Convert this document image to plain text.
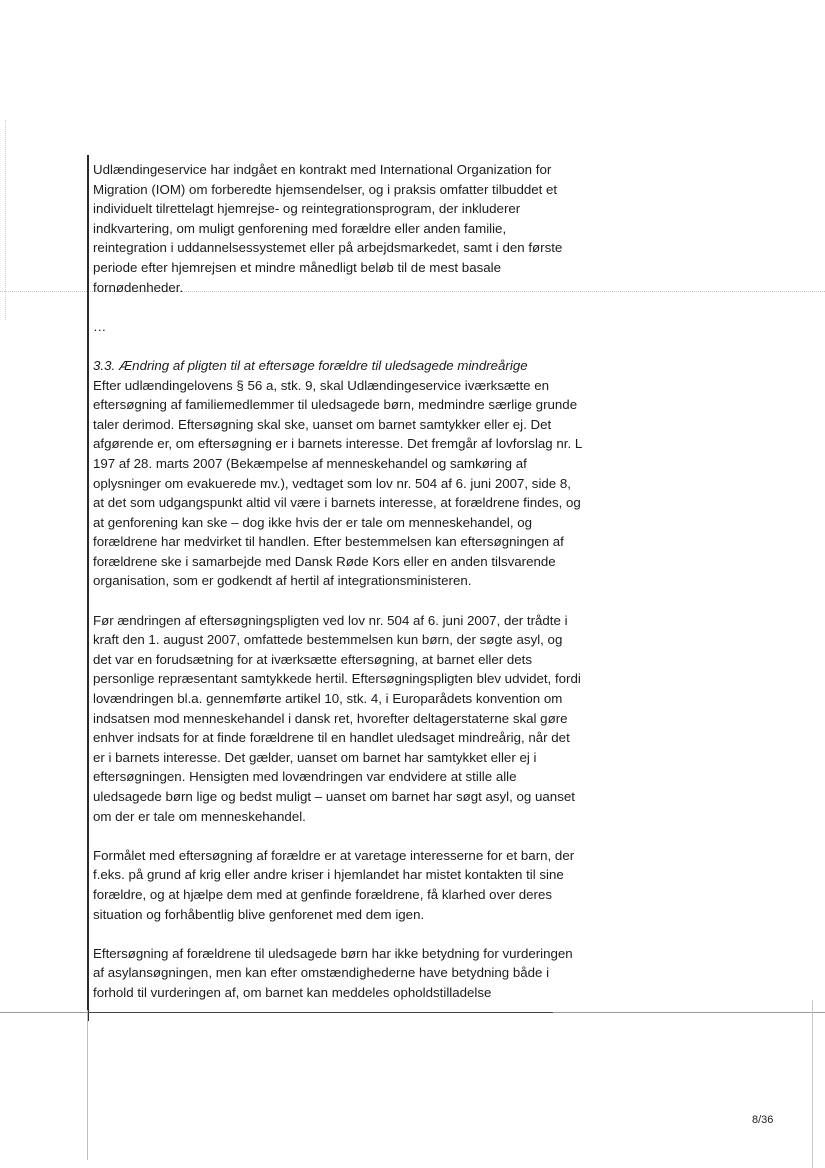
Udlændingeservice har indgået en kontrakt med International Organization for Migration (IOM) om forberedte hjemsendelser, og i praksis omfatter tilbuddet et individuelt tilrettelagt hjemrejse- og reintegrationsprogram, der inkluderer indkvartering, om muligt genforening med forældre eller anden familie, reintegration i uddannelsessystemet eller på arbejdsmarkedet, samt i den første periode efter hjemrejsen et mindre månedligt beløb til de mest basale fornødenheder.

…

3.3. Ændring af pligten til at eftersøge forældre til uledsagede mindreårige

Efter udlændingelovens § 56 a, stk. 9, skal Udlændingeservice iværksætte en eftersøgning af familiemedlemmer til uledsagede børn, medmindre særlige grunde taler derimod. Eftersøgning skal ske, uanset om barnet samtykker eller ej. Det afgørende er, om eftersøgning er i barnets interesse. Det fremgår af lovforslag nr. L 197 af 28. marts 2007 (Bekæmpelse af menneskehandel og samkøring af oplysninger om evakuerede mv.), vedtaget som lov nr. 504 af 6. juni 2007, side 8, at det som udgangspunkt altid vil være i barnets interesse, at forældrene findes, og at genforening kan ske – dog ikke hvis der er tale om menneskehandel, og forældrene har medvirket til handlen. Efter bestemmelsen kan eftersøgningen af forældrene ske i samarbejde med Dansk Røde Kors eller en anden tilsvarende organisation, som er godkendt af hertil af integrationsministeren.

Før ændringen af eftersøgningspligten ved lov nr. 504 af 6. juni 2007, der trådte i kraft den 1. august 2007, omfattede bestemmelsen kun børn, der søgte asyl, og det var en forudsætning for at iværksætte eftersøgning, at barnet eller dets personlige repræsentant samtykkede hertil. Eftersøgningspligten blev udvidet, fordi lovændringen bl.a. gennemførte artikel 10, stk. 4, i Europarådets konvention om indsatsen mod menneskehandel i dansk ret, hvorefter deltagerstaterne skal gøre enhver indsats for at finde forældrene til en handlet uledsaget mindreårig, når det er i barnets interesse. Det gælder, uanset om barnet har samtykket eller ej i eftersøgningen. Hensigten med lovændringen var endvidere at stille alle uledsagede børn lige og bedst muligt – uanset om barnet har søgt asyl, og uanset om der er tale om menneskehandel.

Formålet med eftersøgning af forældre er at varetage interesserne for et barn, der f.eks. på grund af krig eller andre kriser i hjemlandet har mistet kontakten til sine forældre, og at hjælpe dem med at genfinde forældrene, få klarhed over deres situation og forhåbentlig blive genforenet med dem igen.

Eftersøgning af forældrene til uledsagede børn har ikke betydning for vurderingen af asylansøgningen, men kan efter omstændighederne have betydning både i forhold til vurderingen af, om barnet kan meddeles opholdstilladelse

8/36
